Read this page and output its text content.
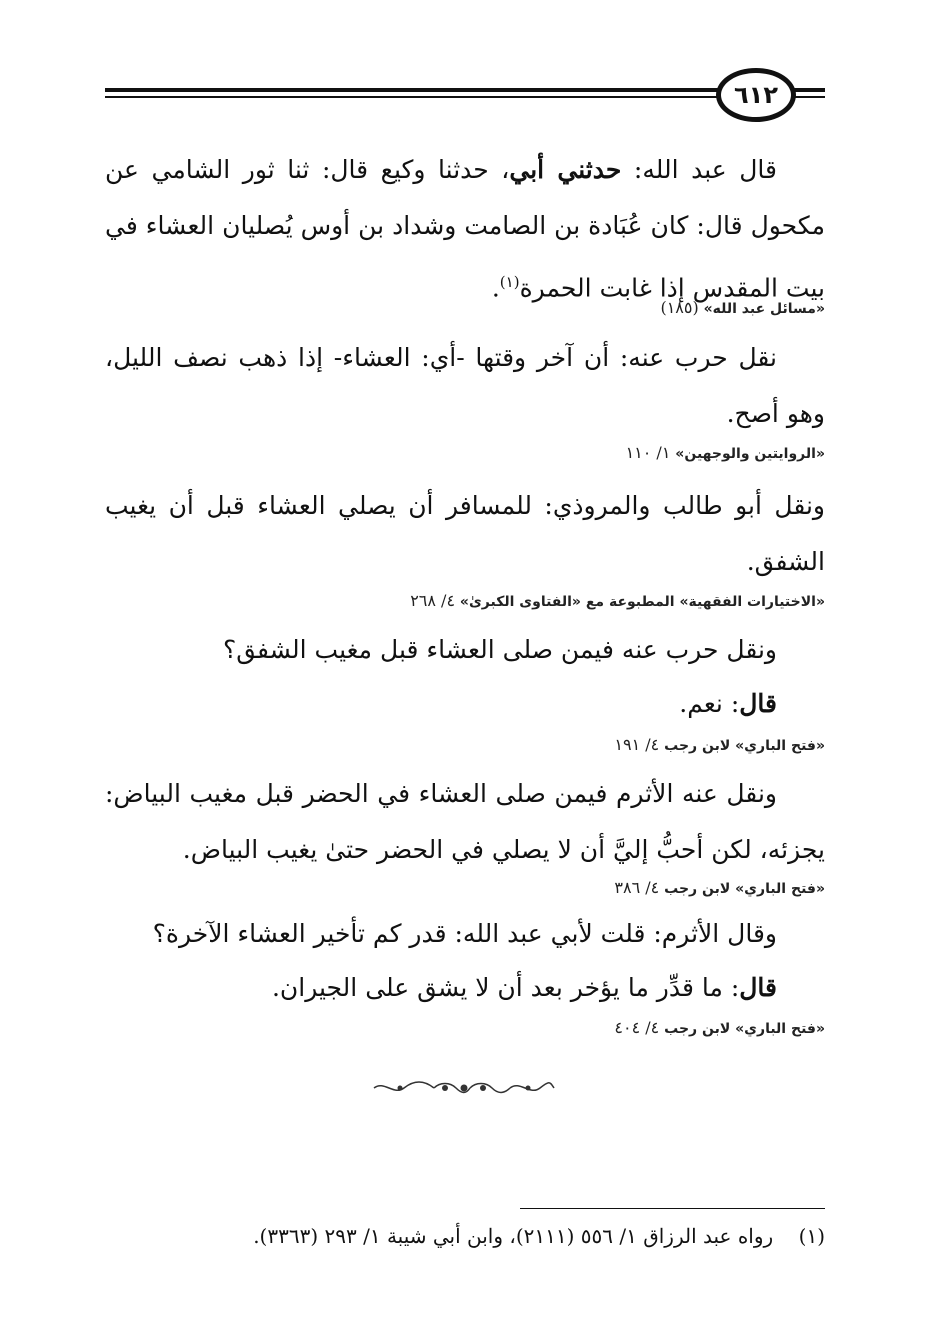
٦١٢
قال عبد الله: حدثني أبي، حدثنا وكيع قال: ثنا ثور الشامي عن مكحول قال: كان عُبَادة بن الصامت وشداد بن أوس يُصليان العشاء في بيت المقدس إذا غابت الحمرة$^{(١)}$.
«مسائل عبد الله» (١٨٥)
نقل حرب عنه: أن آخر وقتها -أي: العشاء- إذا ذهب نصف الليل، وهو أصح.
«الروايتين والوجهين» ١/ ١١٠
ونقل أبو طالب والمروذي: للمسافر أن يصلي العشاء قبل أن يغيب الشفق.
«الاختيارات الفقهية» المطبوعة مع «الفتاوى الكبرىٰ» ٤/ ٢٦٨
ونقل حرب عنه فيمن صلى العشاء قبل مغيب الشفق؟
قال: نعم.
«فتح الباري» لابن رجب ٤/ ١٩١
ونقل عنه الأثرم فيمن صلى العشاء في الحضر قبل مغيب البياض: يجزئه، لكن أحبُّ إليَّ أن لا يصلي في الحضر حتىٰ يغيب البياض.
«فتح الباري» لابن رجب ٤/ ٣٨٦
وقال الأثرم: قلت لأبي عبد الله: قدر كم تأخير العشاء الآخرة؟
قال: ما قدِّر ما يؤخر بعد أن لا يشق على الجيران.
«فتح الباري» لابن رجب ٤/ ٤٠٤
(١)    رواه عبد الرزاق ١/ ٥٥٦ (٢١١١)، وابن أبي شيبة ١/ ٢٩٣ (٣٣٦٣).
